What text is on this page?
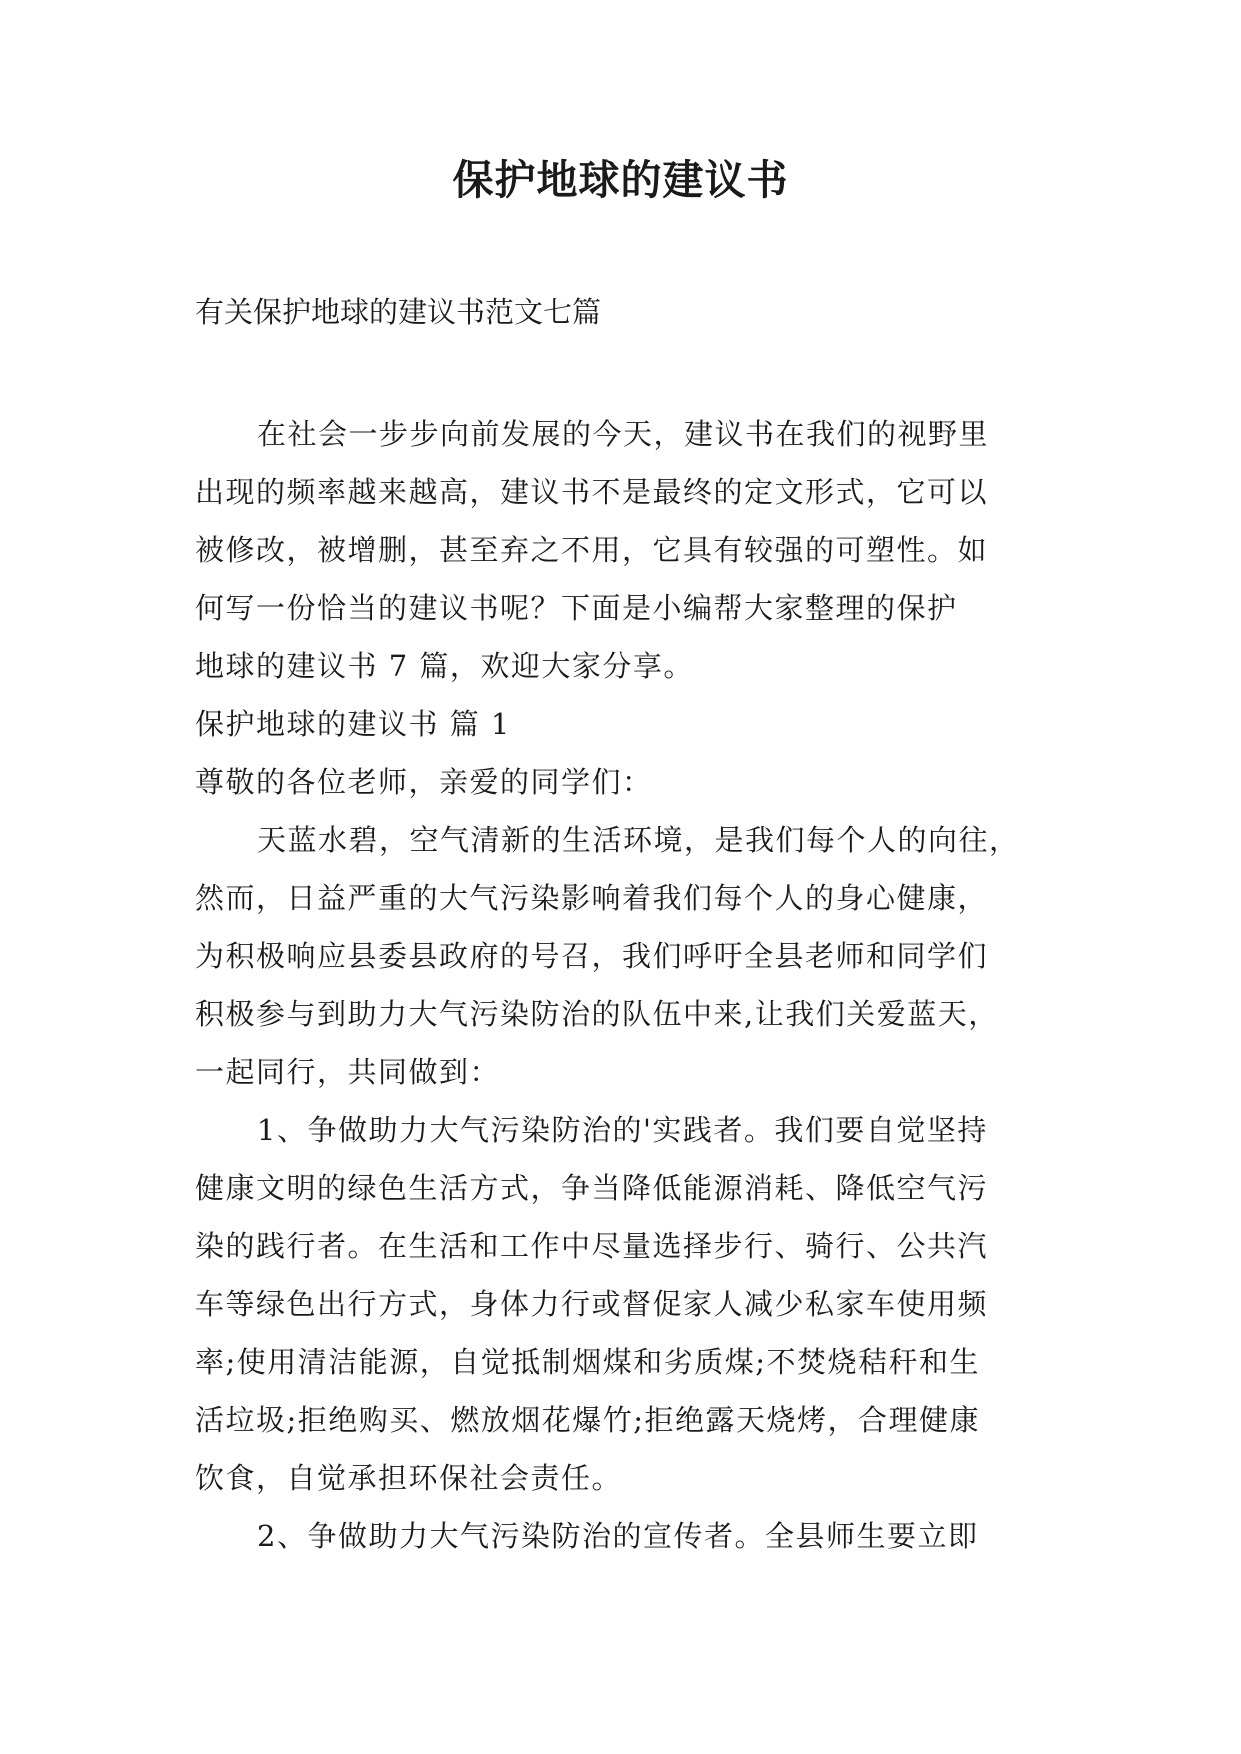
保护地球的建议书

有关保护地球的建议书范文七篇

在社会一步步向前发展的今天，建议书在我们的视野里
出现的频率越来越高，建议书不是最终的定文形式，它可以
被修改，被增删，甚至弃之不用，它具有较强的可塑性。如
何写一份恰当的建议书呢？下面是小编帮大家整理的保护
地球的建议书 7 篇，欢迎大家分享。
保护地球的建议书 篇 1
尊敬的各位老师，亲爱的同学们：
天蓝水碧，空气清新的生活环境，是我们每个人的向往，
然而，日益严重的大气污染影响着我们每个人的身心健康，
为积极响应县委县政府的号召，我们呼吁全县老师和同学们
积极参与到助力大气污染防治的队伍中来,让我们关爱蓝天，
一起同行，共同做到：
1、争做助力大气污染防治的'实践者。我们要自觉坚持
健康文明的绿色生活方式，争当降低能源消耗、降低空气污
染的践行者。在生活和工作中尽量选择步行、骑行、公共汽
车等绿色出行方式，身体力行或督促家人减少私家车使用频
率;使用清洁能源，自觉抵制烟煤和劣质煤;不焚烧秸秆和生
活垃圾;拒绝购买、燃放烟花爆竹;拒绝露天烧烤，合理健康
饮食，自觉承担环保社会责任。
2、争做助力大气污染防治的宣传者。全县师生要立即
